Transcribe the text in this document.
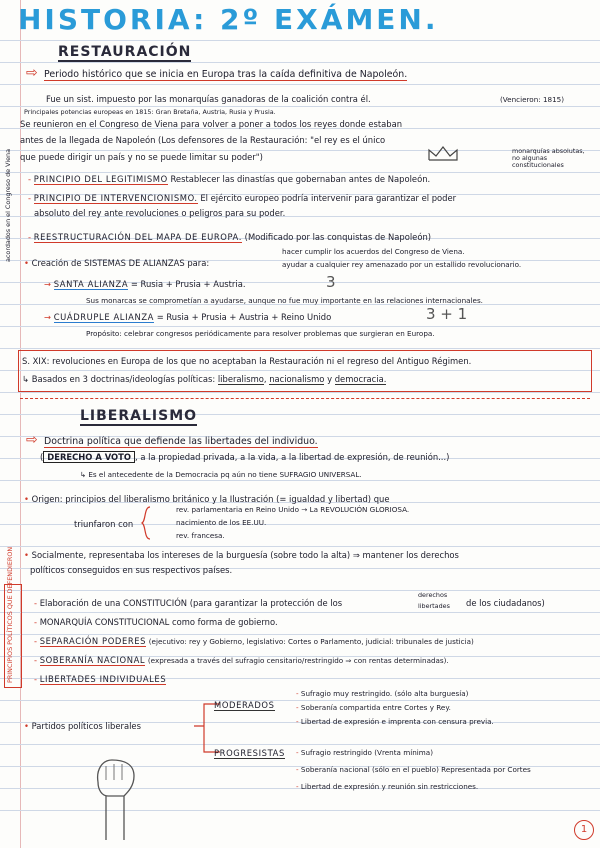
HISTORIA: 2º EXÁMEN.
RESTAURACIÓN
⇨ Periodo histórico que se inicia en Europa tras la caída definitiva de Napoleón.
Fue un sist. impuesto por las monarquías ganadoras de la coalición contra él.	(Vencieron: 1815)
Principales potencias europeas en 1815: Gran Bretaña, Austria, Rusia y Prusia.
Se reunieron en el Congreso de Viena para volver a poner a todos los reyes donde estaban
antes de la llegada de Napoleón (Los defensores de la Restauración: "el rey es el único
que puede dirigir un país y no se puede limitar su poder")
monarquías absolutas, no algunas constitucionales
acordados en el Congreso de Viena - PRINCIPIO DEL LEGITIMISMO Restablecer las dinastías que gobernaban antes de Napoleón.
- PRINCIPIO DE INTERVENCIONISMO. El ejército europeo podría intervenir para garantizar el poder
absoluto del rey ante revoluciones o peligros para su poder.
- REESTRUCTURACIÓN DEL MAPA DE EUROPA. (Modificado por las conquistas de Napoleón)
• Creación de SISTEMAS DE ALIANZAS para:
hacer cumplir los acuerdos del Congreso de Viena.
ayudar a cualquier rey amenazado por un estallido revolucionario.
→ SANTA ALIANZA = Rusia + Prusia + Austria.	3
Sus monarcas se comprometían a ayudarse, aunque no fue muy importante en las relaciones internacionales.
→ CUÁDRUPLE ALIANZA = Rusia + Prusia + Austria + Reino Unido	3 + 1
Propósito: celebrar congresos periódicamente para resolver problemas que surgieran en Europa.
S. XIX: revoluciones en Europa de los que no aceptaban la Restauración ni el regreso del Antiguo Régimen.
↳ Basados en 3 doctrinas/ideologías políticas: liberalismo, nacionalismo y democracia.
LIBERALISMO
⇨ Doctrina política que defiende las libertades del individuo.
( DERECHO A VOTO , a la propiedad privada, a la vida, a la libertad de expresión, de reunión...)
↳ Es el antecedente de la Democracia pq aún no tiene SUFRAGIO UNIVERSAL.
• Origen: principios del liberalismo británico y la Ilustración (= igualdad y libertad) que
triunfaron con
rev. parlamentaria en Reino Unido → La REVOLUCIÓN GLORIOSA.
nacimiento de los EE.UU.
rev. francesa.
• Socialmente, representaba los intereses de la burguesía (sobre todo la alta) ⇒ mantener los derechos
políticos conseguidos en sus respectivos países.
PRINCIPIOS POLÍTICOS QUE DEFENDIERON - Elaboración de una CONSTITUCIÓN (para garantizar la protección de los
derechos
libertades de los ciudadanos)
- MONARQUÍA CONSTITUCIONAL como forma de gobierno.
- SEPARACIÓN PODERES (ejecutivo: rey y Gobierno, legislativo: Cortes o Parlamento, judicial: tribunales de justicia)
- SOBERANÍA NACIONAL (expresada a través del sufragio censitario/restringido ⇒ con rentas determinadas).
- LIBERTADES INDIVIDUALES
• Partidos políticos liberales
MODERADOS
- Sufragio muy restringido. (sólo alta burguesía)
- Soberanía compartida entre Cortes y Rey.
- Libertad de expresión e imprenta con censura previa.
PROGRESISTAS - Sufragio restringido (Vrenta mínima)
- Soberanía nacional (sólo en el pueblo) Representada por Cortes
- Libertad de expresión y reunión sin restricciones.
1
